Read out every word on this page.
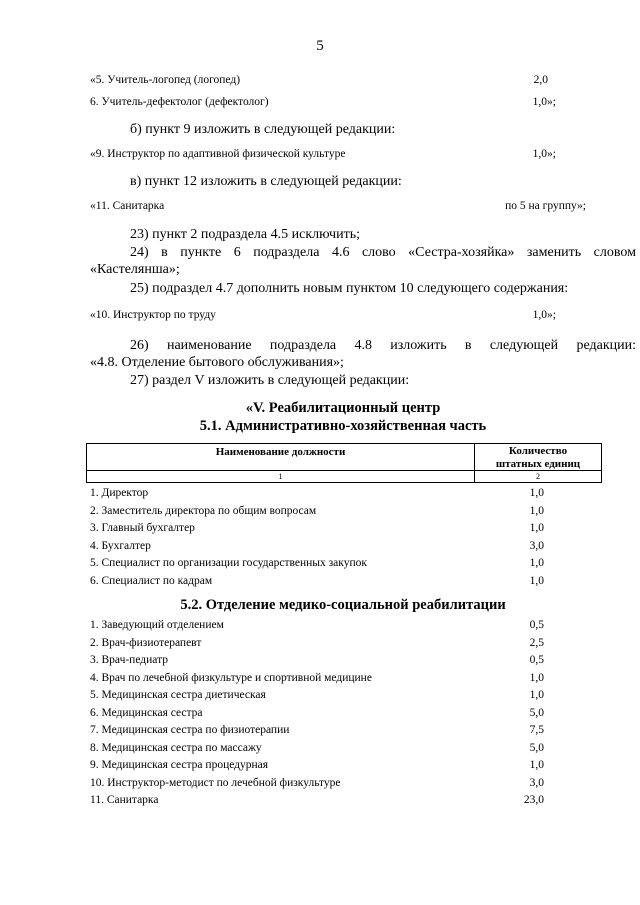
5
«5. Учитель-логопед (логопед)	2,0
6. Учитель-дефектолог (дефектолог)	1,0»;
б) пункт 9 изложить в следующей редакции:
«9. Инструктор по адаптивной физической культуре	1,0»;
в) пункт 12 изложить в следующей редакции:
«11. Санитарка	по 5 на группу»;
23) пункт 2 подраздела 4.5 исключить;
24) в пункте 6 подраздела 4.6 слово «Сестра-хозяйка» заменить словом
«Кастелянша»;
25) подраздел 4.7 дополнить новым пунктом 10 следующего содержания:
«10. Инструктор по труду	1,0»;
26) наименование подраздела 4.8 изложить в следующей редакции:
«4.8. Отделение бытового обслуживания»;
27) раздел V изложить в следующей редакции:
«V. Реабилитационный центр
5.1. Административно-хозяйственная часть
Наименование должности	Количество
штатных единиц
1	2
1. Директор	1,0
2. Заместитель директора по общим вопросам	1,0
3. Главный бухгалтер	1,0
4. Бухгалтер	3,0
5. Специалист по организации государственных закупок	1,0
6. Специалист по кадрам	1,0
5.2. Отделение медико-социальной реабилитации
1. Заведующий отделением	0,5
2. Врач-физиотерапевт	2,5
3. Врач-педиатр	0,5
4. Врач по лечебной физкультуре и спортивной медицине	1,0
5. Медицинская сестра диетическая	1,0
6. Медицинская сестра	5,0
7. Медицинская сестра по физиотерапии	7,5
8. Медицинская сестра по массажу	5,0
9. Медицинская сестра процедурная	1,0
10. Инструктор-методист по лечебной физкультуре	3,0
11. Санитарка	23,0
